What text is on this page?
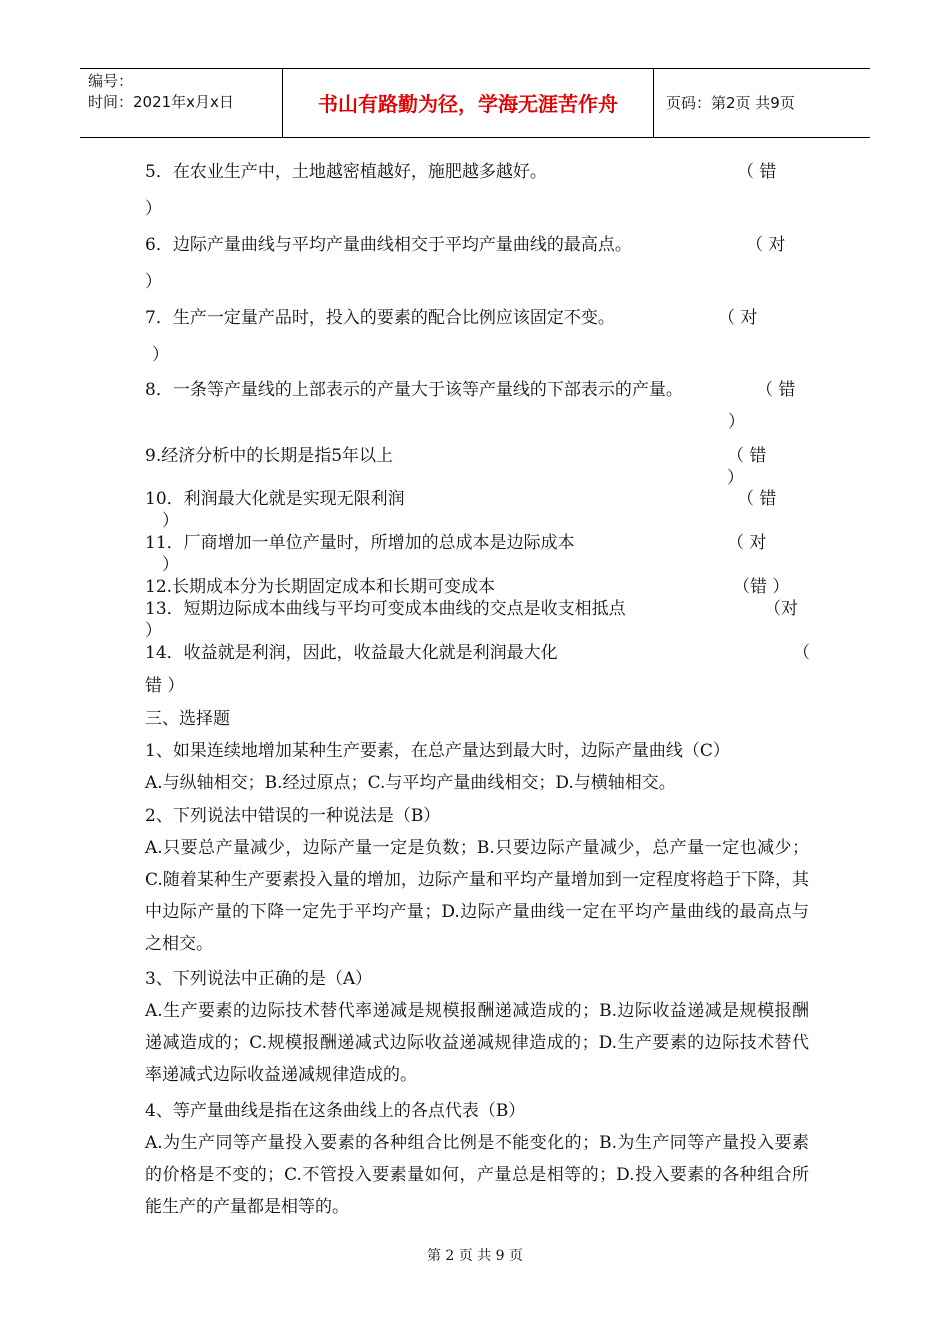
编号：
时间：2021年x月x日	书山有路勤为径，学海无涯苦作舟	页码：第2页 共9页
5．在农业生产中，土地越密植越好，施肥越多越好。	（ 错
）
6．边际产量曲线与平均产量曲线相交于平均产量曲线的最高点。	（ 对
）
7．生产一定量产品时，投入的要素的配合比例应该固定不变。	（ 对
）
8．一条等产量线的上部表示的产量大于该等产量线的下部表示的产量。	（ 错
）
9.经济分析中的长期是指5年以上	（ 错
）
10．利润最大化就是实现无限利润	（ 错
）
11．厂商增加一单位产量时，所增加的总成本是边际成本	（ 对
）
12.长期成本分为长期固定成本和长期可变成本	（错 ）
13．短期边际成本曲线与平均可变成本曲线的交点是收支相抵点	（对
）
14．收益就是利润，因此，收益最大化就是利润最大化	（
错 ）
三、选择题
1、如果连续地增加某种生产要素，在总产量达到最大时，边际产量曲线（C）
A.与纵轴相交；B.经过原点；C.与平均产量曲线相交；D.与横轴相交。
2、下列说法中错误的一种说法是（B）
A.只要总产量减少，边际产量一定是负数；B.只要边际产量减少，总产量一定也减少；C.随着某种生产要素投入量的增加，边际产量和平均产量增加到一定程度将趋于下降，其中边际产量的下降一定先于平均产量；D.边际产量曲线一定在平均产量曲线的最高点与之相交。
3、下列说法中正确的是（A）
A.生产要素的边际技术替代率递减是规模报酬递减造成的；B.边际收益递减是规模报酬递减造成的；C.规模报酬递减式边际收益递减规律造成的；D.生产要素的边际技术替代率递减式边际收益递减规律造成的。
4、等产量曲线是指在这条曲线上的各点代表（B）
A.为生产同等产量投入要素的各种组合比例是不能变化的；B.为生产同等产量投入要素的价格是不变的；C.不管投入要素量如何，产量总是相等的；D.投入要素的各种组合所能生产的产量都是相等的。
第 2 页 共 9 页
